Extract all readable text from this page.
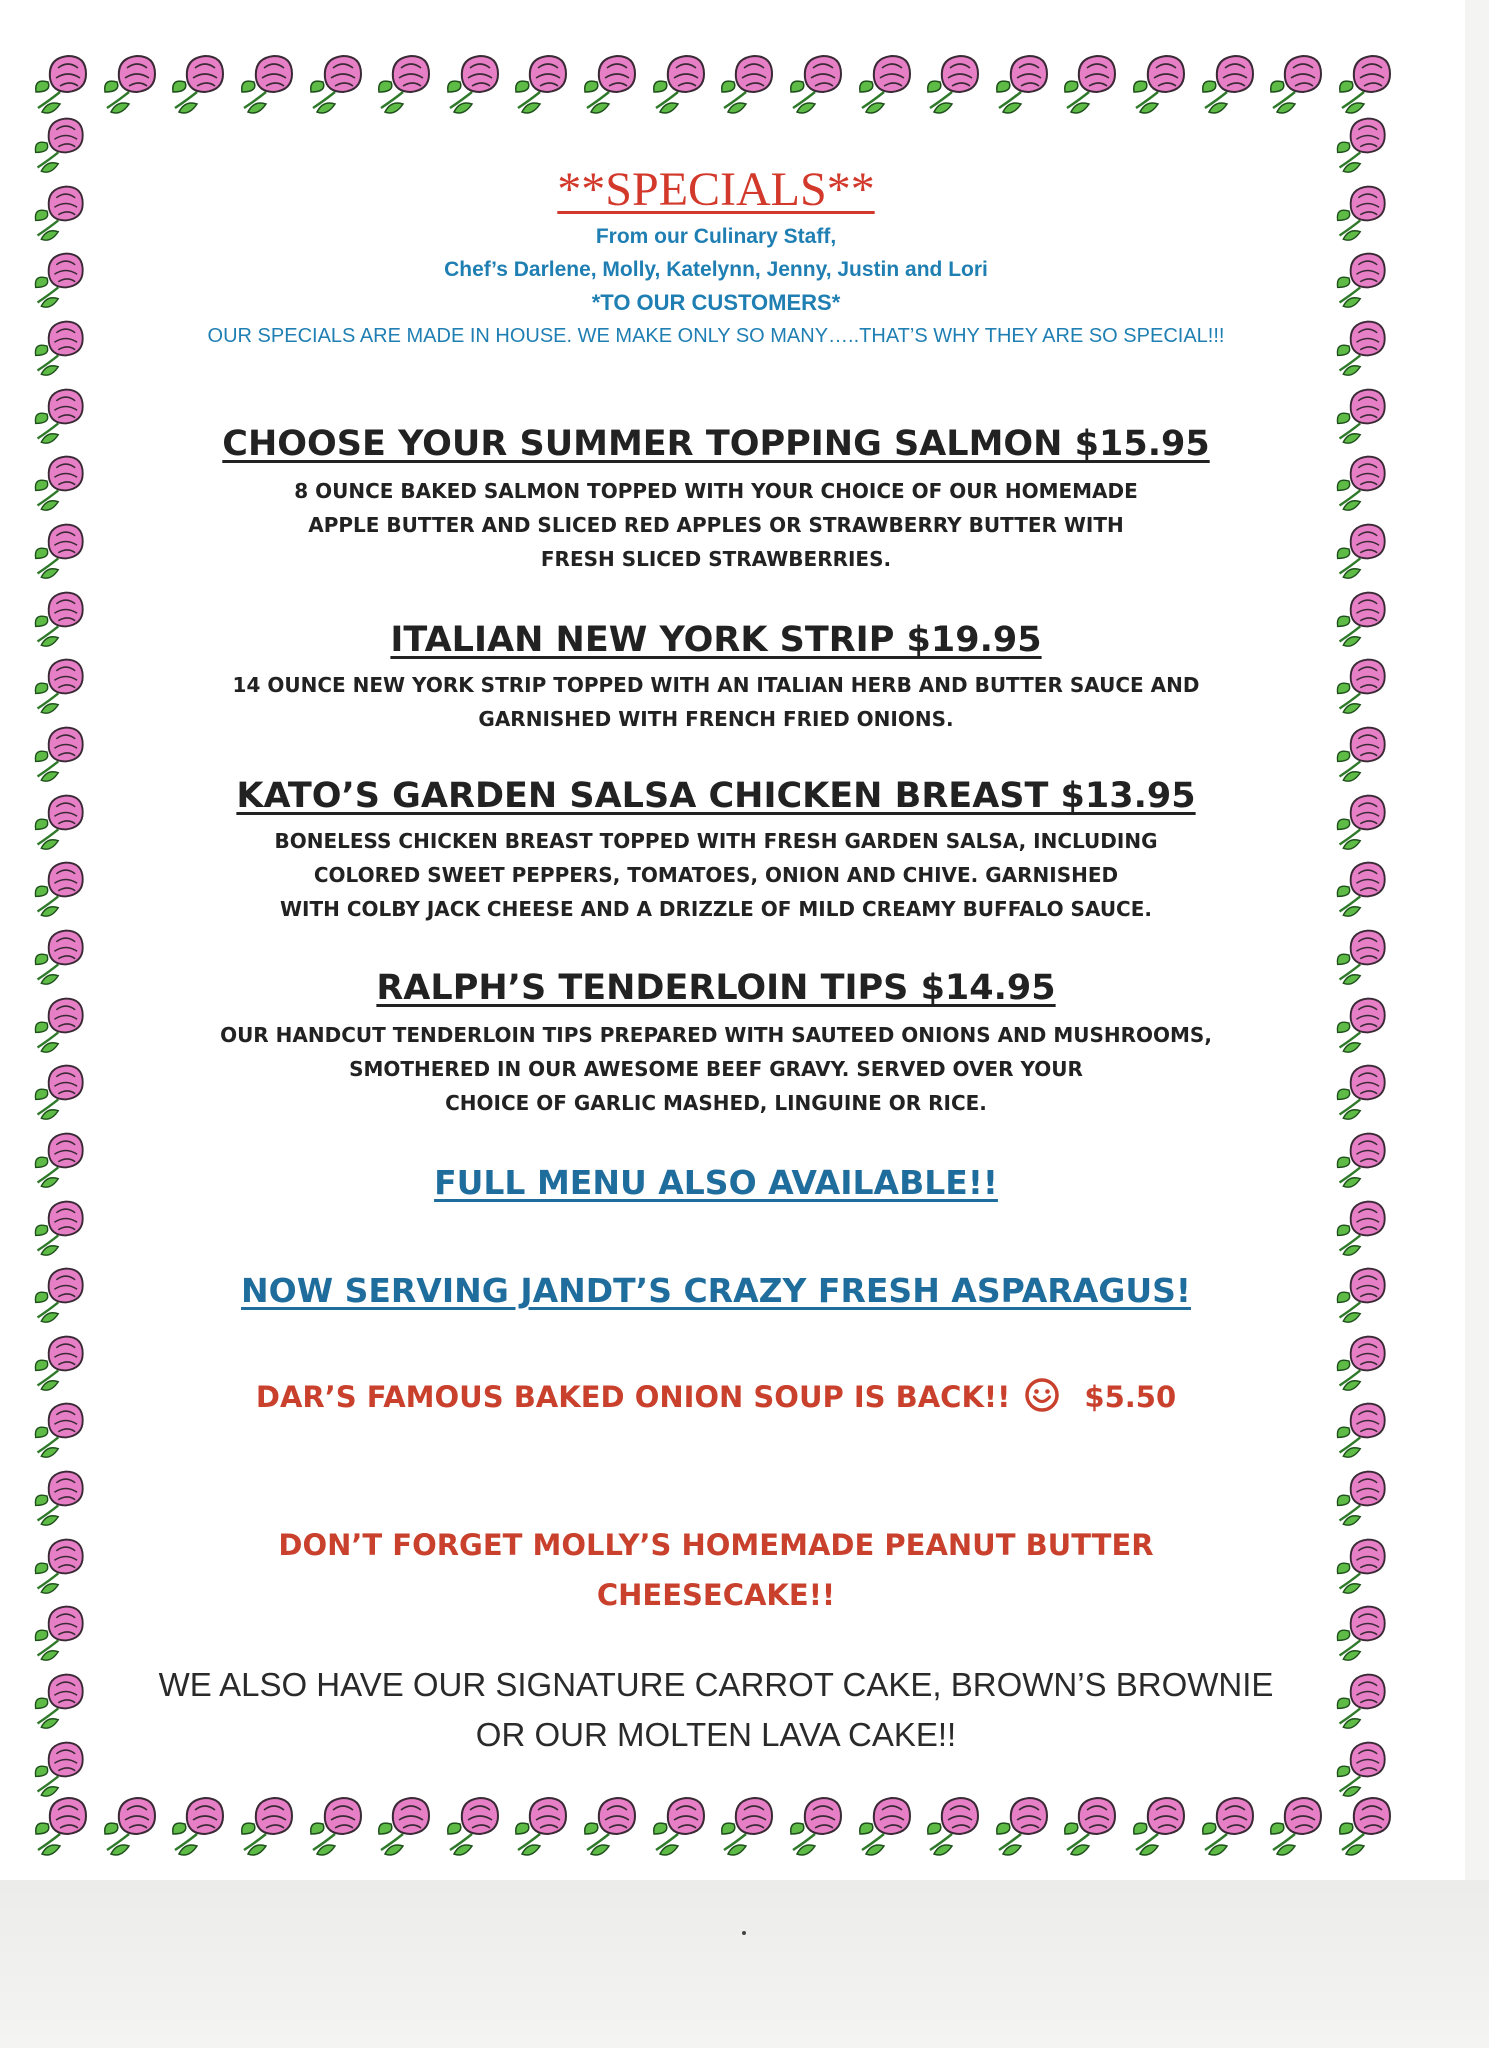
**SPECIALS**
From our Culinary Staff,
Chef’s Darlene, Molly, Katelynn, Jenny, Justin and Lori
*TO OUR CUSTOMERS*
OUR SPECIALS ARE MADE IN HOUSE. WE MAKE ONLY SO MANY…..THAT’S WHY THEY ARE SO SPECIAL!!!
CHOOSE YOUR SUMMER TOPPING SALMON $15.95
8 OUNCE BAKED SALMON TOPPED WITH YOUR CHOICE OF OUR HOMEMADE
APPLE BUTTER AND SLICED RED APPLES OR STRAWBERRY BUTTER WITH
FRESH SLICED STRAWBERRIES.
ITALIAN NEW YORK STRIP $19.95
14 OUNCE NEW YORK STRIP TOPPED WITH AN ITALIAN HERB AND BUTTER SAUCE AND
GARNISHED WITH FRENCH FRIED ONIONS.
KATO’S GARDEN SALSA CHICKEN BREAST $13.95
BONELESS CHICKEN BREAST TOPPED WITH FRESH GARDEN SALSA, INCLUDING
COLORED SWEET PEPPERS, TOMATOES, ONION AND CHIVE. GARNISHED
WITH COLBY JACK CHEESE AND A DRIZZLE OF MILD CREAMY BUFFALO SAUCE.
RALPH’S TENDERLOIN TIPS $14.95
OUR HANDCUT TENDERLOIN TIPS PREPARED WITH SAUTEED ONIONS AND MUSHROOMS,
SMOTHERED IN OUR AWESOME BEEF GRAVY. SERVED OVER YOUR
CHOICE OF GARLIC MASHED, LINGUINE OR RICE.
FULL MENU ALSO AVAILABLE!!
NOW SERVING JANDT’S CRAZY FRESH ASPARAGUS!
DAR’S FAMOUS BAKED ONION SOUP IS BACK!!	$5.50
DON’T FORGET MOLLY’S HOMEMADE PEANUT BUTTER
CHEESECAKE!!
WE ALSO HAVE OUR SIGNATURE CARROT CAKE, BROWN’S BROWNIE
OR OUR MOLTEN LAVA CAKE!!
